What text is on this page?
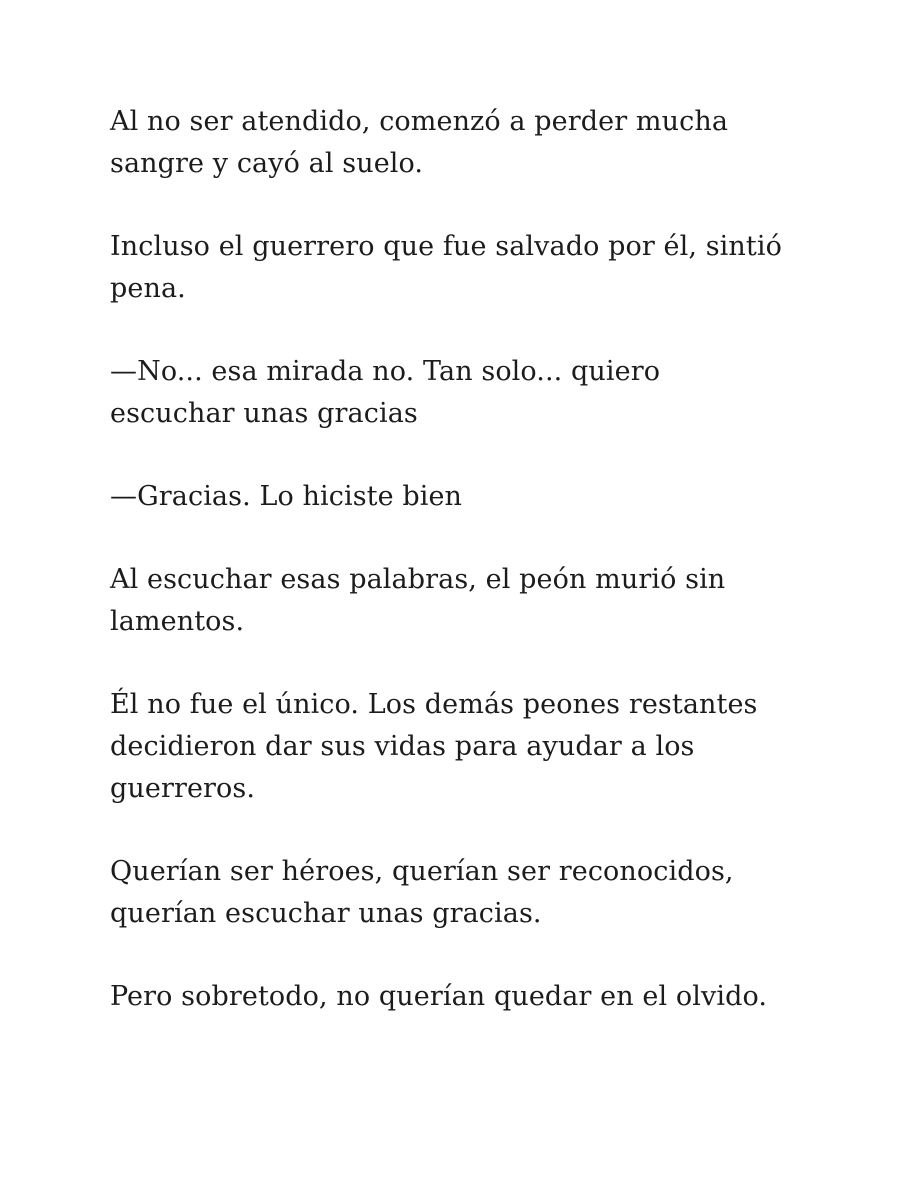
Al no ser atendido, comenzó a perder mucha
sangre y cayó al suelo.

Incluso el guerrero que fue salvado por él, sintió
pena.

—No... esa mirada no. Tan solo... quiero
escuchar unas gracias

—Gracias. Lo hiciste bien

Al escuchar esas palabras, el peón murió sin
lamentos.

Él no fue el único. Los demás peones restantes
decidieron dar sus vidas para ayudar a los
guerreros.

Querían ser héroes, querían ser reconocidos,
querían escuchar unas gracias.

Pero sobretodo, no querían quedar en el olvido.
